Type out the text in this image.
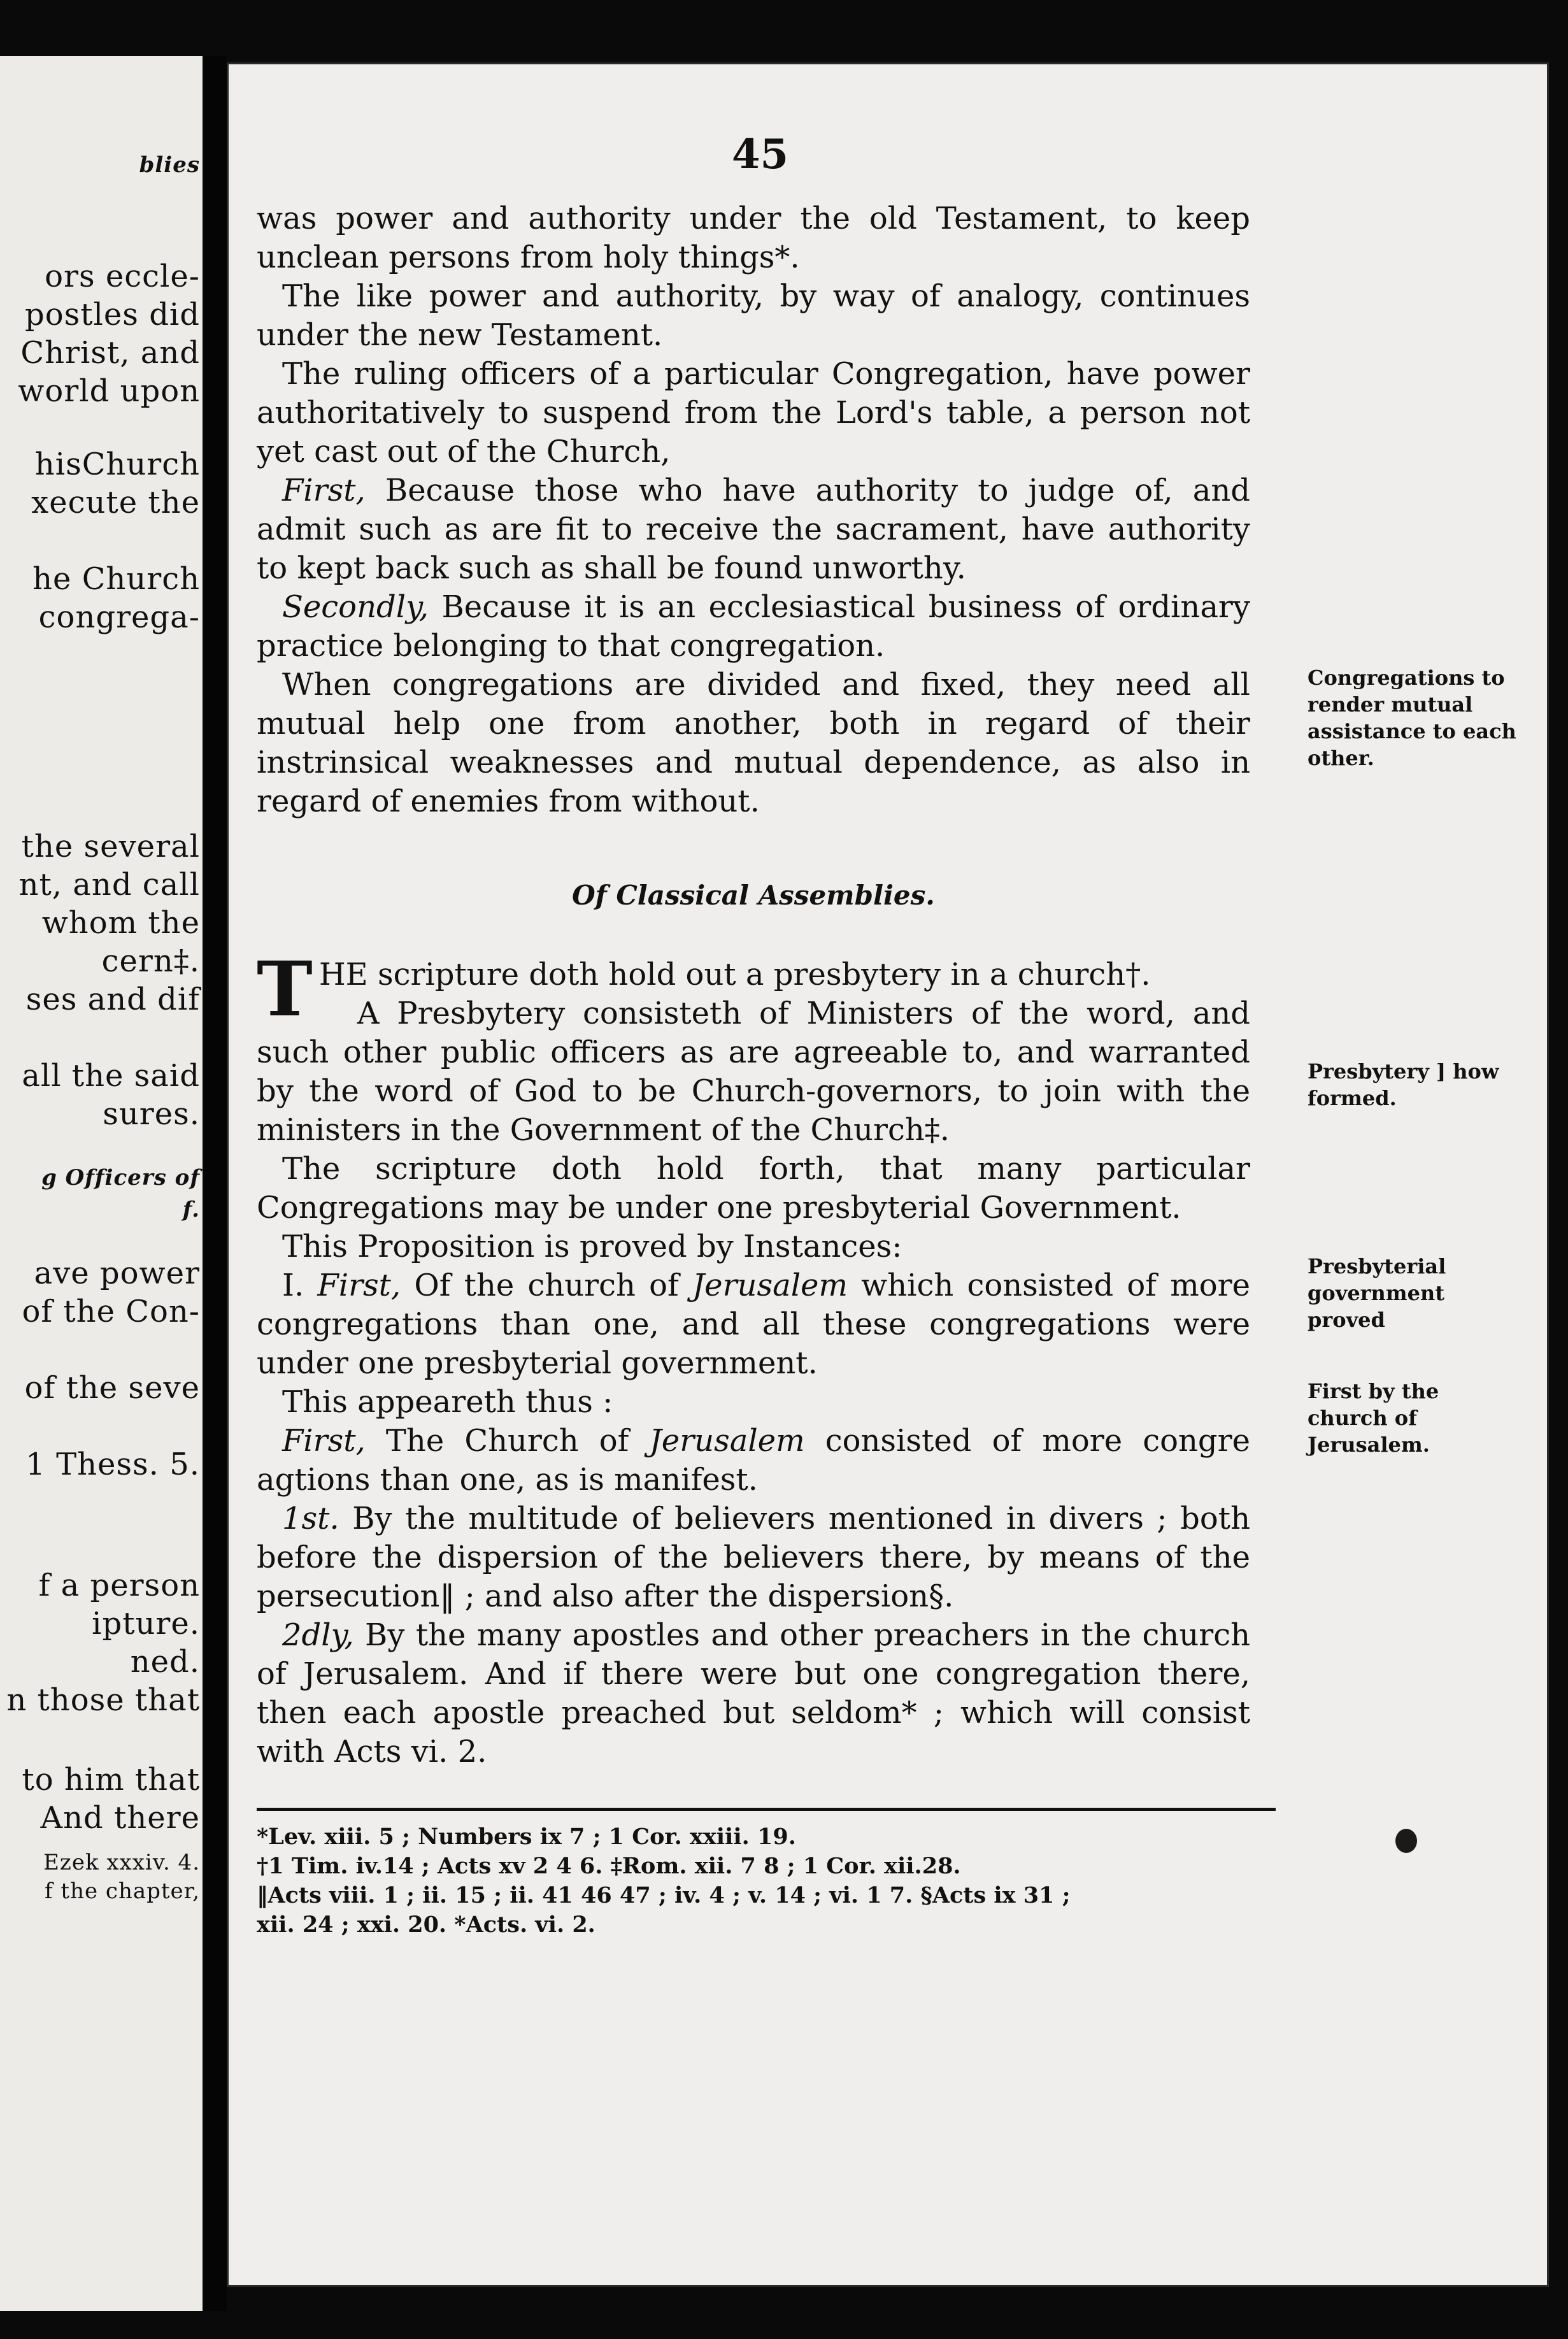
blies
ors eccle-
postles did
Christ, and
world upon
hisChurch
xecute the
he Church
congrega-
the several
nt, and call
whom the
cern‡.
ses and dif
all the said
sures.
g Officers of
f.
ave power
of the Con-
of the seve
1 Thess. 5.
f a person
ipture.
ned.
n those that
to him that
And there
Ezek xxxiv. 4.
f the chapter,
45

was power and authority under the old Testament, to keep unclean persons from holy things*.

The like power and authority, by way of analogy, continues under the new Testament.

The ruling officers of a particular Congregation, have power authoritatively to suspend from the Lord's table, a person not yet cast out of the Church,

First, Because those who have authority to judge of, and admit such as are fit to receive the sacrament, have authority to kept back such as shall be found unworthy.

Secondly, Because it is an ecclesiastical business of ordinary practice belonging to that congregation.

When congregations are divided and fixed, they need all mutual help one from another, both in regard of their instrinsical weaknesses and mutual dependence, as also in regard of enemies from without.

Of Classical Assemblies.

THE scripture doth hold out a presbytery in a church†.

A Presbytery consisteth of Ministers of the word, and such other public officers as are agreeable to, and warranted by the word of God to be Church-governors, to join with the ministers in the Government of the Church‡.

The scripture doth hold forth, that many particular Congregations may be under one presbyterial Government.

This Proposition is proved by Instances:

I. First, Of the church of Jerusalem which consisted of more congregations than one, and all these congregations were under one presbyterial government.

This appeareth thus :

First, The Church of Jerusalem consisted of more congre agtions than one, as is manifest.

1st. By the multitude of believers mentioned in divers ; both before the dispersion of the believers there, by means of the persecution‖ ; and also after the dispersion§.

2dly, By the many apostles and other preachers in the church of Jerusalem. And if there were but one congregation there, then each apostle preached but seldom* ; which will consist with Acts vi. 2.

Congregations to render mutual assistance to each other.
Presbytery ] how formed.
Presbyterial government proved
First by the church of Jerusalem.
*Lev. xiii. 5 ; Numbers ix 7 ; 1 Cor. xxiii. 19.
†1 Tim. iv.14 ; Acts xv 2 4 6. ‡Rom. xii. 7 8 ; 1 Cor. xii.28.
‖Acts viii. 1 ; ii. 15 ; ii. 41 46 47 ; iv. 4 ; v. 14 ; vi. 1 7. §Acts ix 31 ;
xii. 24 ; xxi. 20. *Acts. vi. 2.
